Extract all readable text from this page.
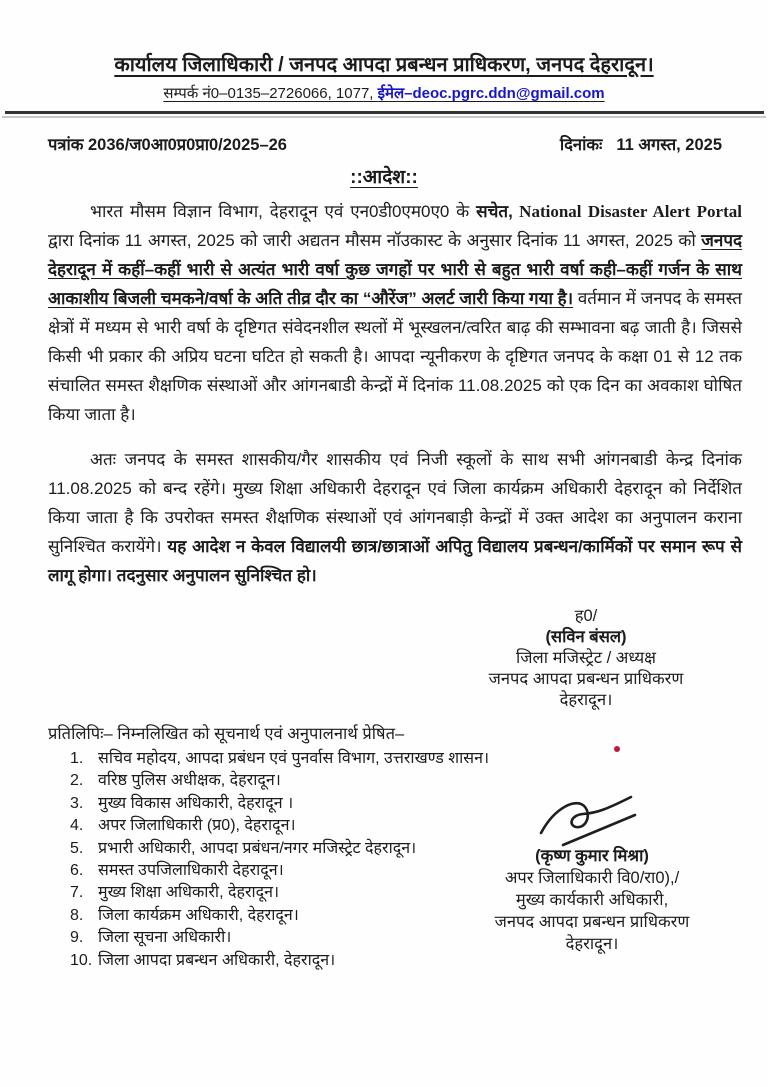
कार्यालय जिलाधिकारी / जनपद आपदा प्रबन्धन प्राधिकरण, जनपद देहरादून।
सम्पर्क नं0–0135–2726066, 1077, ईमेल–deoc.pgrc.ddn@gmail.com
पत्रांक 2036/ज0आ0प्र0प्रा0/2025–26	दिनांकः 11 अगस्त, 2025
::आदेश::

भारत मौसम विज्ञान विभाग, देहरादून एवं एन0डी0एम0ए0 के सचेत, National Disaster Alert Portal द्वारा दिनांक 11 अगस्त, 2025 को जारी अद्यतन मौसम नॉउकास्ट के अनुसार दिनांक 11 अगस्त, 2025 को जनपद देहरादून में कहीं–कहीं भारी से अत्यंत भारी वर्षा कुछ जगहों पर भारी से बहुत भारी वर्षा कही–कहीं गर्जन के साथ आकाशीय बिजली चमकने/वर्षा के अति तीव्र दौर का “औरेंज” अलर्ट जारी किया गया है। वर्तमान में जनपद के समस्त क्षेत्रों में मध्यम से भारी वर्षा के दृष्टिगत संवेदनशील स्थलों में भूस्खलन/त्वरित बाढ़ की सम्भावना बढ़ जाती है। जिससे किसी भी प्रकार की अप्रिय घटना घटित हो सकती है। आपदा न्यूनीकरण के दृष्टिगत जनपद के कक्षा 01 से 12 तक संचालित समस्त शैक्षणिक संस्थाओं और आंगनबाडी केन्द्रों में दिनांक 11.08.2025 को एक दिन का अवकाश घोषित किया जाता है।

अतः जनपद के समस्त शासकीय/गैर शासकीय एवं निजी स्कूलों के साथ सभी आंगनबाडी केन्द्र दिनांक 11.08.2025 को बन्द रहेंगे। मुख्य शिक्षा अधिकारी देहरादून एवं जिला कार्यक्रम अधिकारी देहरादून को निर्देशित किया जाता है कि उपरोक्त समस्त शैक्षणिक संस्थाओं एवं आंगनबाड़ी केन्द्रों में उक्त आदेश का अनुपालन कराना सुनिश्चित करायेंगे। यह आदेश न केवल विद्यालयी छात्र/छात्राओं अपितु विद्यालय प्रबन्धन/कार्मिकों पर समान रूप से लागू होगा। तदनुसार अनुपालन सुनिश्चित हो।

ह0/
(सविन बंसल)
जिला मजिस्ट्रेट / अध्यक्ष
जनपद आपदा प्रबन्धन प्राधिकरण
देहरादून।
प्रतिलिपिः– निम्नलिखित को सूचनार्थ एवं अनुपालनार्थ प्रेषित–
1. सचिव महोदय, आपदा प्रबंधन एवं पुनर्वास विभाग, उत्तराखण्ड शासन।
2. वरिष्ठ पुलिस अधीक्षक, देहरादून।
3. मुख्य विकास अधिकारी, देहरादून ।
4. अपर जिलाधिकारी (प्र0), देहरादून।
5. प्रभारी अधिकारी, आपदा प्रबंधन/नगर मजिस्ट्रेट देहरादून।
6. समस्त उपजिलाधिकारी देहरादून।
7. मुख्य शिक्षा अधिकारी, देहरादून।
8. जिला कार्यक्रम अधिकारी, देहरादून।
9. जिला सूचना अधिकारी।
10. जिला आपदा प्रबन्धन अधिकारी, देहरादून।
(कृष्ण कुमार मिश्रा)
अपर जिलाधिकारी वि0/रा0),/
मुख्य कार्यकारी अधिकारी,
जनपद आपदा प्रबन्धन प्राधिकरण
देहरादून।
